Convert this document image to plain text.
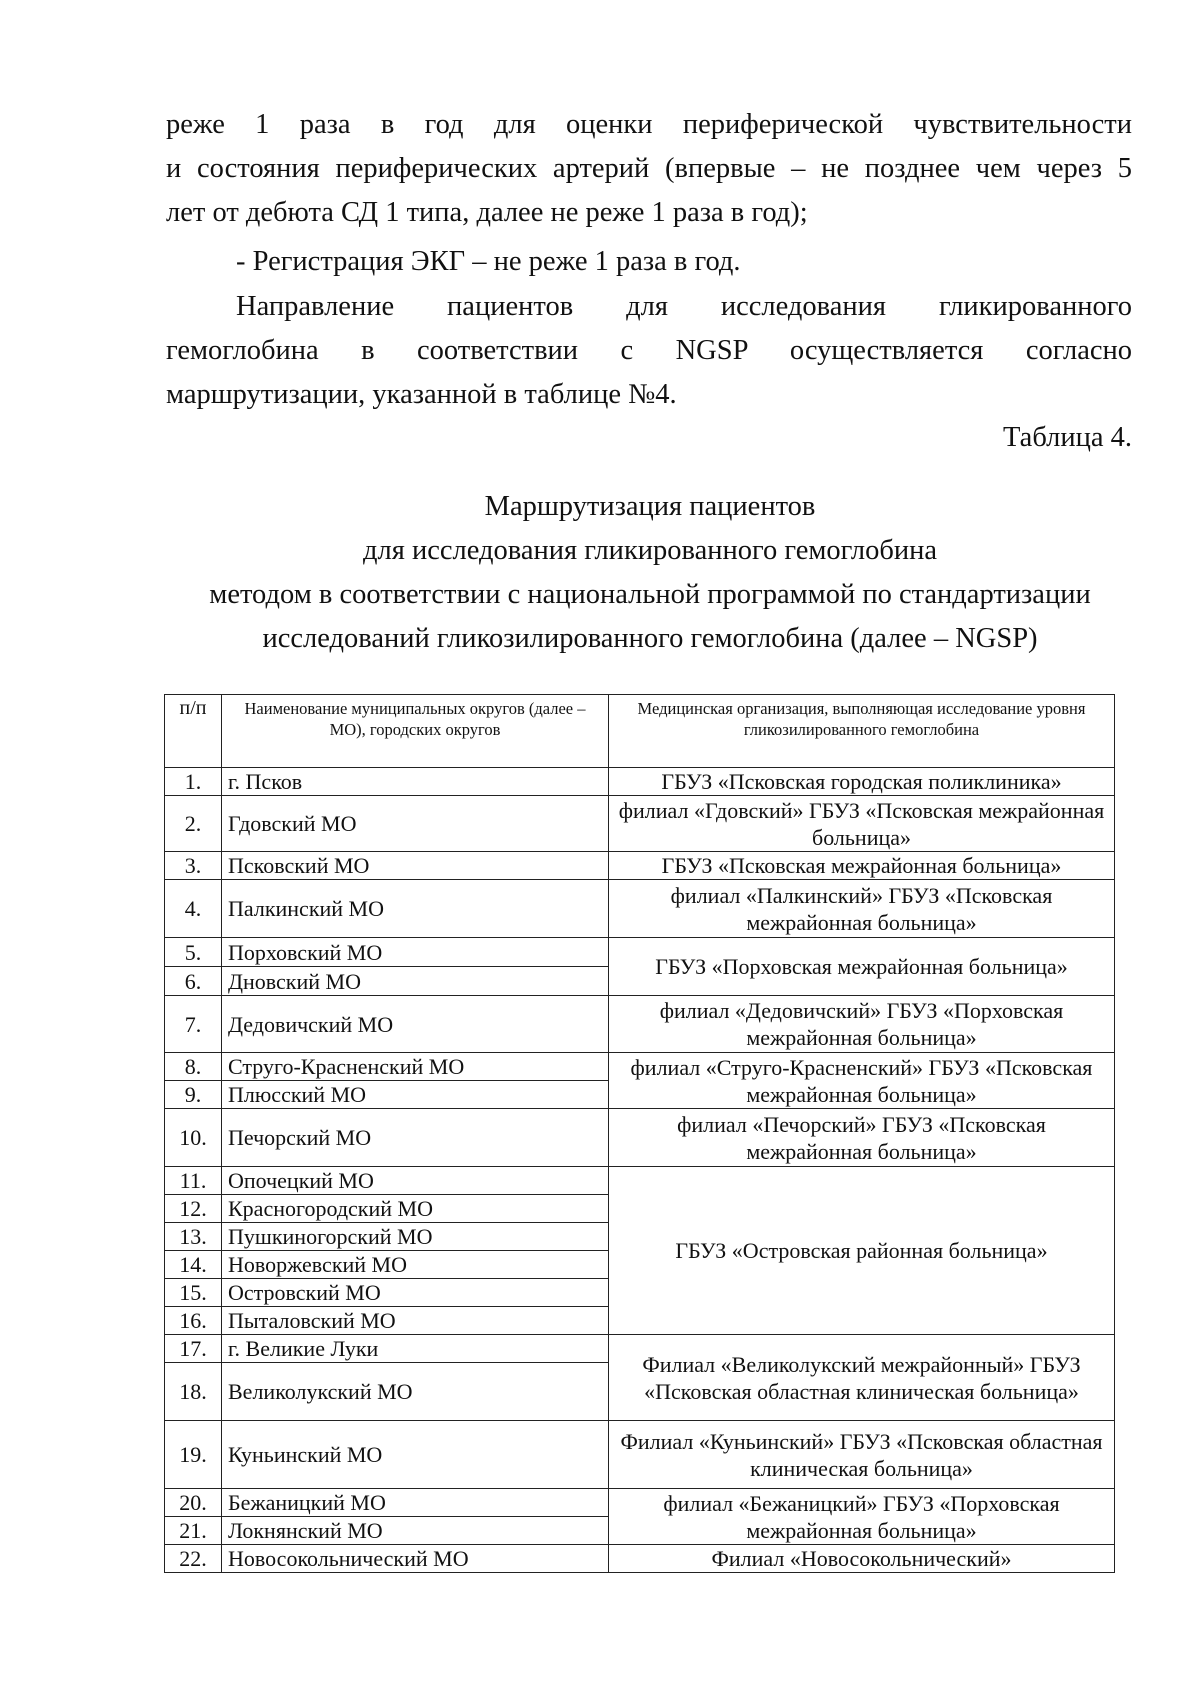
реже 1 раза в год для оценки периферической чувствительности

и состояния периферических артерий (впервые – не позднее чем через 5

лет от дебюта СД 1 типа, далее не реже 1 раза в год);

- Регистрация ЭКГ – не реже 1 раза в год.

Направление пациентов для исследования гликированного

гемоглобина в соответствии с NGSP осуществляется согласно

маршрутизации, указанной в таблице №4.

Таблица 4.

Маршрутизация пациентов
для исследования гликированного гемоглобина
методом в соответствии с национальной программой по стандартизации
исследований гликозилированного гемоглобина (далее – NGSP)
п/п	Наименование муниципальных округов (далее – МО), городских округов	Медицинская организация, выполняющая исследование уровня гликозилированного гемоглобина
1.	г. Псков	ГБУЗ «Псковская городская поликлиника»
2.	Гдовский МО	филиал «Гдовский» ГБУЗ «Псковская межрайонная больница»
3.	Псковский МО	ГБУЗ «Псковская межрайонная больница»
4.	Палкинский МО	филиал «Палкинский» ГБУЗ «Псковская межрайонная больница»
5.	Порховский МО	ГБУЗ «Порховская межрайонная больница»
6.	Дновский МО	
7.	Дедовичский МО	филиал «Дедовичский» ГБУЗ «Порховская межрайонная больница»
8.	Струго-Красненский МО	филиал «Струго-Красненский» ГБУЗ «Псковская межрайонная больница»
9.	Плюсский МО	
10.	Печорский МО	филиал «Печорский» ГБУЗ «Псковская межрайонная больница»
11.	Опочецкий МО	ГБУЗ «Островская районная больница»
12.	Красногородский МО	
13.	Пушкиногорский МО	
14.	Новоржевский МО	
15.	Островский МО	
16.	Пыталовский МО	
17.	г. Великие Луки	Филиал «Великолукский межрайонный» ГБУЗ «Псковская областная клиническая больница»
18.	Великолукский МО	
19.	Куньинский МО	Филиал «Куньинский» ГБУЗ «Псковская областная клиническая больница»
20.	Бежаницкий МО	филиал «Бежаницкий» ГБУЗ «Порховская межрайонная больница»
21.	Локнянский МО	
22.	Новосокольнический МО	Филиал «Новосокольнический»
